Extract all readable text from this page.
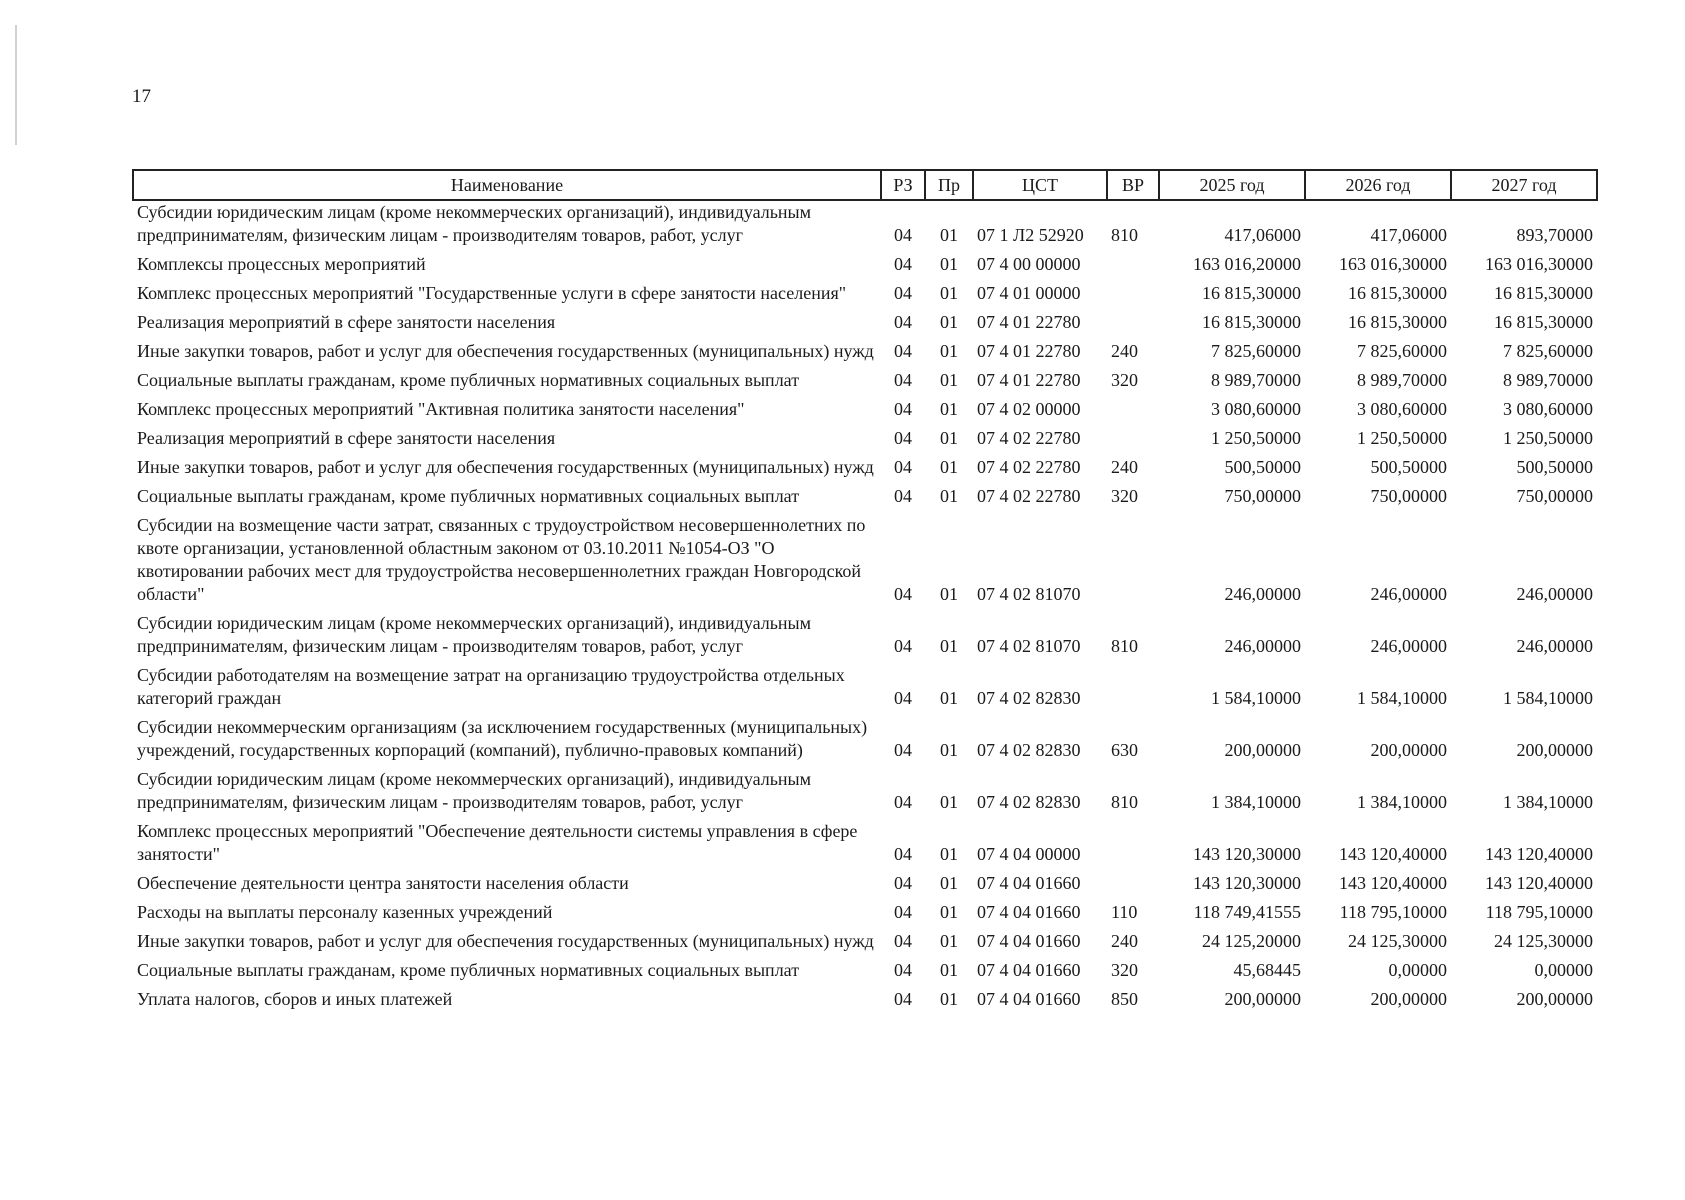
17
Наименование	РЗ	Пр	ЦСТ	ВР	2025 год	2026 год	2027 год
Субсидии юридическим лицам (кроме некоммерческих организаций), индивидуальным предпринимателям, физическим лицам - производителям товаров, работ, услуг	04	01	07 1 Л2 52920	810	417,06000	417,06000	893,70000
Комплексы процессных мероприятий	04	01	07 4 00 00000		163 016,20000	163 016,30000	163 016,30000
Комплекс процессных мероприятий "Государственные услуги в сфере занятости населения"	04	01	07 4 01 00000		16 815,30000	16 815,30000	16 815,30000
Реализация мероприятий в сфере занятости населения	04	01	07 4 01 22780		16 815,30000	16 815,30000	16 815,30000
Иные закупки товаров, работ и услуг для обеспечения государственных (муниципальных) нужд	04	01	07 4 01 22780	240	7 825,60000	7 825,60000	7 825,60000
Социальные выплаты гражданам, кроме публичных нормативных социальных выплат	04	01	07 4 01 22780	320	8 989,70000	8 989,70000	8 989,70000
Комплекс процессных мероприятий "Активная политика занятости населения"	04	01	07 4 02 00000		3 080,60000	3 080,60000	3 080,60000
Реализация мероприятий в сфере занятости населения	04	01	07 4 02 22780		1 250,50000	1 250,50000	1 250,50000
Иные закупки товаров, работ и услуг для обеспечения государственных (муниципальных) нужд	04	01	07 4 02 22780	240	500,50000	500,50000	500,50000
Социальные выплаты гражданам, кроме публичных нормативных социальных выплат	04	01	07 4 02 22780	320	750,00000	750,00000	750,00000
Субсидии на возмещение части затрат, связанных с трудоустройством несовершеннолетних по квоте организации, установленной областным законом от 03.10.2011 №1054-ОЗ "О квотировании рабочих мест для трудоустройства несовершеннолетних граждан Новгородской области"	04	01	07 4 02 81070		246,00000	246,00000	246,00000
Субсидии юридическим лицам (кроме некоммерческих организаций), индивидуальным предпринимателям, физическим лицам - производителям товаров, работ, услуг	04	01	07 4 02 81070	810	246,00000	246,00000	246,00000
Субсидии работодателям на возмещение затрат на организацию трудоустройства отдельных категорий граждан	04	01	07 4 02 82830		1 584,10000	1 584,10000	1 584,10000
Субсидии некоммерческим организациям (за исключением государственных (муниципальных) учреждений, государственных корпораций (компаний), публично-правовых компаний)	04	01	07 4 02 82830	630	200,00000	200,00000	200,00000
Субсидии юридическим лицам (кроме некоммерческих организаций), индивидуальным предпринимателям, физическим лицам - производителям товаров, работ, услуг	04	01	07 4 02 82830	810	1 384,10000	1 384,10000	1 384,10000
Комплекс процессных мероприятий "Обеспечение деятельности системы управления в сфере занятости"	04	01	07 4 04 00000		143 120,30000	143 120,40000	143 120,40000
Обеспечение деятельности центра занятости населения области	04	01	07 4 04 01660		143 120,30000	143 120,40000	143 120,40000
Расходы на выплаты персоналу казенных учреждений	04	01	07 4 04 01660	110	118 749,41555	118 795,10000	118 795,10000
Иные закупки товаров, работ и услуг для обеспечения государственных (муниципальных) нужд	04	01	07 4 04 01660	240	24 125,20000	24 125,30000	24 125,30000
Социальные выплаты гражданам, кроме публичных нормативных социальных выплат	04	01	07 4 04 01660	320	45,68445	0,00000	0,00000
Уплата налогов, сборов и иных платежей	04	01	07 4 04 01660	850	200,00000	200,00000	200,00000
